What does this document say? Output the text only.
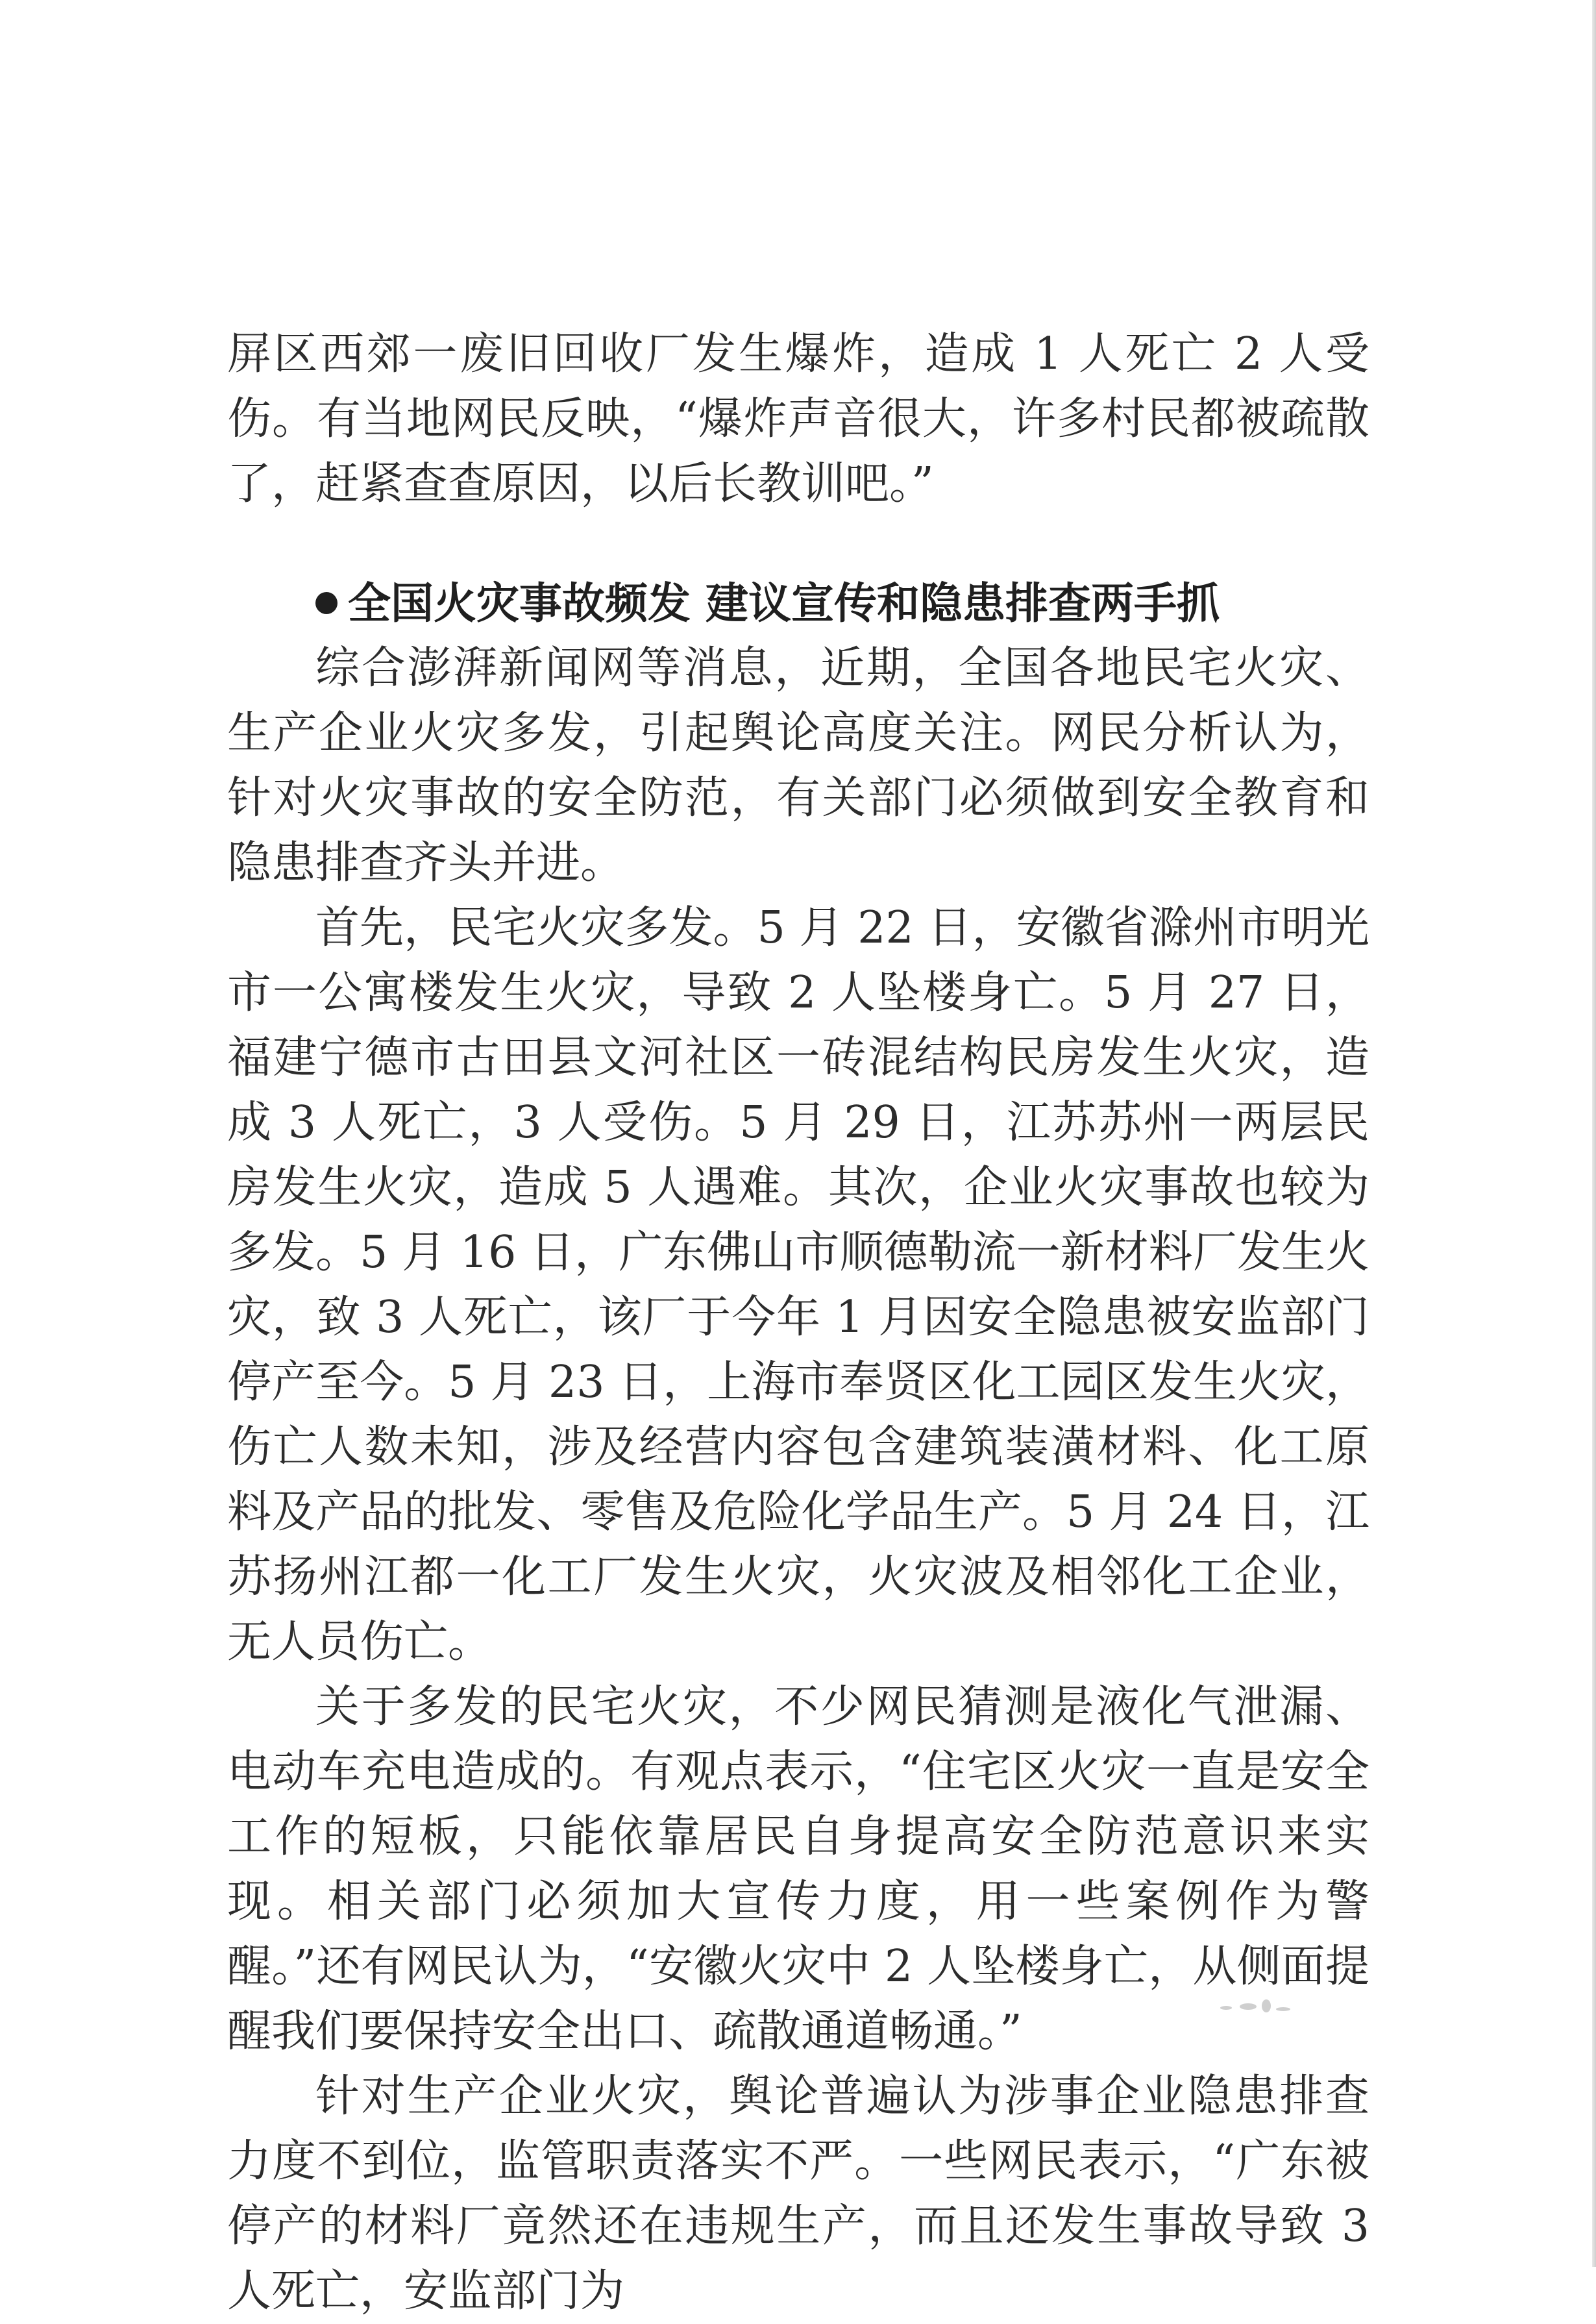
屏区西郊一废旧回收厂发生爆炸，造成 1 人死亡 2 人受伤。有当地网民反映，“爆炸声音很大，许多村民都被疏散了，赶紧查查原因，以后长教训吧。”

全国火灾事故频发 建议宣传和隐患排查两手抓

综合澎湃新闻网等消息，近期，全国各地民宅火灾、生产企业火灾多发，引起舆论高度关注。网民分析认为，针对火灾事故的安全防范，有关部门必须做到安全教育和隐患排查齐头并进。

首先，民宅火灾多发。5 月 22 日，安徽省滁州市明光市一公寓楼发生火灾，导致 2 人坠楼身亡。5 月 27 日，福建宁德市古田县文河社区一砖混结构民房发生火灾，造成 3 人死亡，3 人受伤。5 月 29 日，江苏苏州一两层民房发生火灾，造成 5 人遇难。其次，企业火灾事故也较为多发。5 月 16 日，广东佛山市顺德勒流一新材料厂发生火灾，致 3 人死亡，该厂于今年 1 月因安全隐患被安监部门停产至今。5 月 23 日，上海市奉贤区化工园区发生火灾，伤亡人数未知，涉及经营内容包含建筑装潢材料、化工原料及产品的批发、零售及危险化学品生产。5 月 24 日，江苏扬州江都一化工厂发生火灾，火灾波及相邻化工企业，无人员伤亡。

关于多发的民宅火灾，不少网民猜测是液化气泄漏、电动车充电造成的。有观点表示，“住宅区火灾一直是安全工作的短板，只能依靠居民自身提高安全防范意识来实现。相关部门必须加大宣传力度，用一些案例作为警醒。”还有网民认为，“安徽火灾中 2 人坠楼身亡，从侧面提醒我们要保持安全出口、疏散通道畅通。”

针对生产企业火灾，舆论普遍认为涉事企业隐患排查力度不到位，监管职责落实不严。一些网民表示，“广东被停产的材料厂竟然还在违规生产，而且还发生事故导致 3 人死亡，安监部门为
